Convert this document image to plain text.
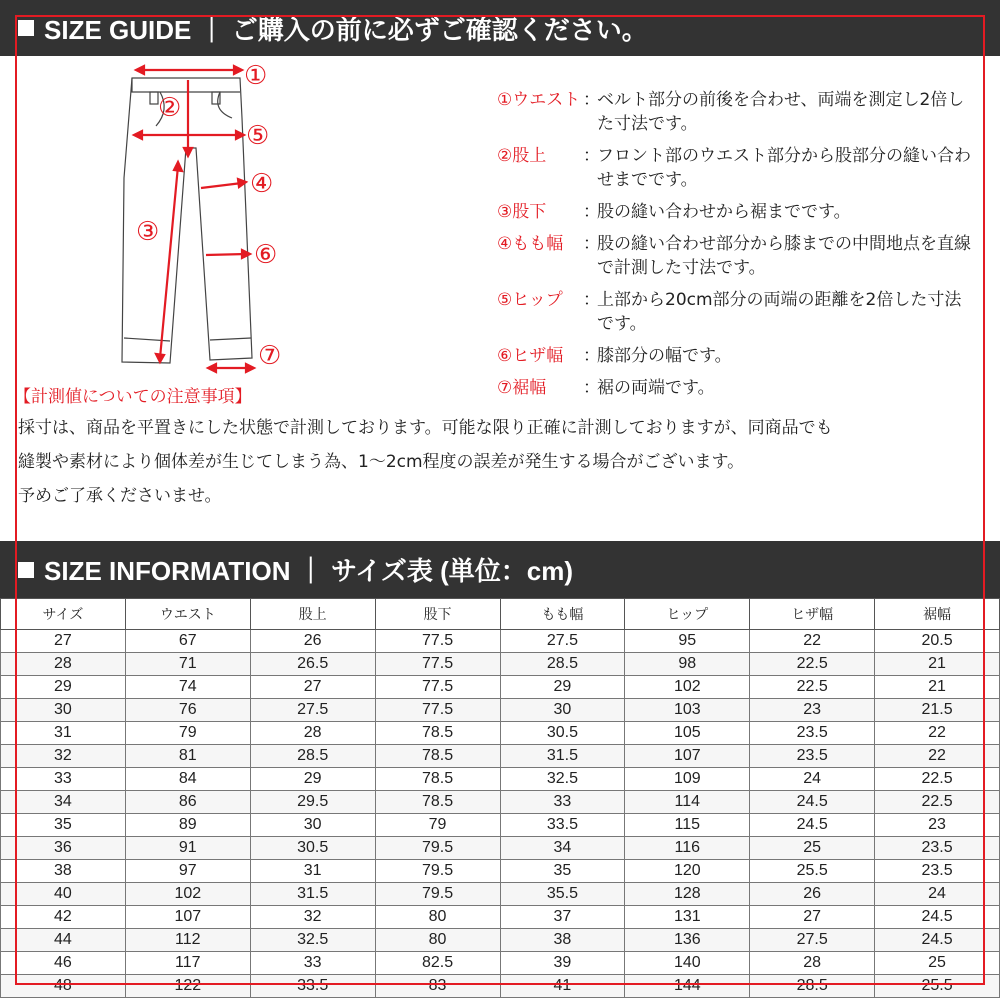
SIZE GUIDE ｜ ご購入の前に必ずご確認ください。
①
②
③
④
⑤
⑥
⑦
①ウエスト ：
ベルト部分の前後を合わせ、両端を測定し2倍した寸法です。
②股上	：
フロント部のウエスト部分から股部分の縫い合わせまでです。
③股下	：
股の縫い合わせから裾までです。
④もも幅	：
股の縫い合わせ部分から膝までの中間地点を直線で計測した寸法です。
⑤ヒップ	：
上部から20cm部分の両端の距離を2倍した寸法です。
⑥ヒザ幅	：
膝部分の幅です。
⑦裾幅	：
裾の両端です。
【計測値についての注意事項】
採寸は、商品を平置きにした状態で計測しております。可能な限り正確に計測しておりますが、同商品でも
縫製や素材により個体差が生じてしまう為、1〜2cm程度の誤差が発生する場合がございます。
予めご了承くださいませ。
SIZE INFORMATION ｜ サイズ表 (単位：cm)
サイズ	ウエスト	股上	股下	もも幅	ヒップ	ヒザ幅	裾幅
27	67	26	77.5	27.5	95	22	20.5
28	71	26.5	77.5	28.5	98	22.5	21
29	74	27	77.5	29	102	22.5	21
30	76	27.5	77.5	30	103	23	21.5
31	79	28	78.5	30.5	105	23.5	22
32	81	28.5	78.5	31.5	107	23.5	22
33	84	29	78.5	32.5	109	24	22.5
34	86	29.5	78.5	33	114	24.5	22.5
35	89	30	79	33.5	115	24.5	23
36	91	30.5	79.5	34	116	25	23.5
38	97	31	79.5	35	120	25.5	23.5
40	102	31.5	79.5	35.5	128	26	24
42	107	32	80	37	131	27	24.5
44	112	32.5	80	38	136	27.5	24.5
46	117	33	82.5	39	140	28	25
48	122	33.5	83	41	144	28.5	25.5
